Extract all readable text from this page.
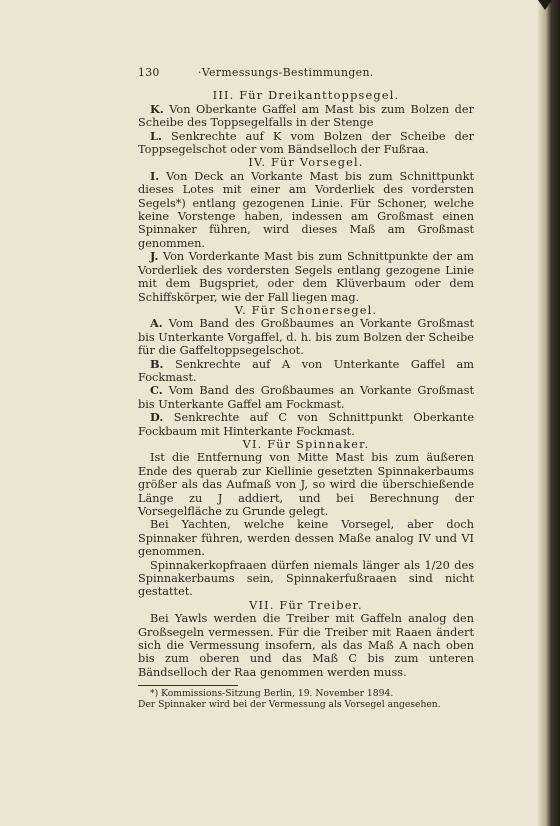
130	·Vermessungs-Bestimmungen.
III. Für Dreikanttoppsegel.

K. Von Oberkante Gaffel am Mast bis zum Bolzen der Scheibe des Toppsegelfalls in der Stenge

L. Senkrechte auf K vom Bolzen der Scheibe der Toppsegelschot oder vom Bändselloch der Fußraa.

IV. Für Vorsegel.

I. Von Deck an Vorkante Mast bis zum Schnittpunkt dieses Lotes mit einer am Vorderliek des vordersten Segels*) entlang gezogenen Linie. Für Schoner, welche keine Vorstenge haben, indessen am Großmast einen Spinnaker führen, wird dieses Maß am Großmast genommen.

J. Von Vorderkante Mast bis zum Schnittpunkte der am Vorderliek des vordersten Segels entlang gezogene Linie mit dem Bugspriet, oder dem Klüverbaum oder dem Schiffskörper, wie der Fall liegen mag.

V. Für Schonersegel.

A. Vom Band des Großbaumes an Vorkante Großmast bis Unterkante Vorgaffel, d. h. bis zum Bolzen der Scheibe für die Gaffeltoppsegelschot.

B. Senkrechte auf A von Unterkante Gaffel am Fockmast.

C. Vom Band des Großbaumes an Vorkante Großmast bis Unterkante Gaffel am Fockmast.

D. Senkrechte auf C von Schnittpunkt Oberkante Fockbaum mit Hinterkante Fockmast.

VI. Für Spinnaker.

Ist die Entfernung von Mitte Mast bis zum äußeren Ende des querab zur Kiellinie gesetzten Spinnakerbaums größer als das Aufmaß von J, so wird die überschießende Länge zu J addiert, und bei Berechnung der Vorsegelfläche zu Grunde gelegt.

Bei Yachten, welche keine Vorsegel, aber doch Spinnaker führen, werden dessen Maße analog IV und VI genommen.

Spinnakerkopfraaen dürfen niemals länger als 1/20 des Spinnakerbaums sein, Spinnakerfußraaen sind nicht gestattet.

VII. Für Treiber.

Bei Yawls werden die Treiber mit Gaffeln analog den Großsegeln vermessen. Für die Treiber mit Raaen ändert sich die Vermessung insofern, als das Maß A nach oben bis zum oberen und das Maß C bis zum unteren Bändselloch der Raa genommen werden muss.

*) Kommissions-Sitzung Berlin, 19. November 1894.

Der Spinnaker wird bei der Vermessung als Vorsegel angesehen.
